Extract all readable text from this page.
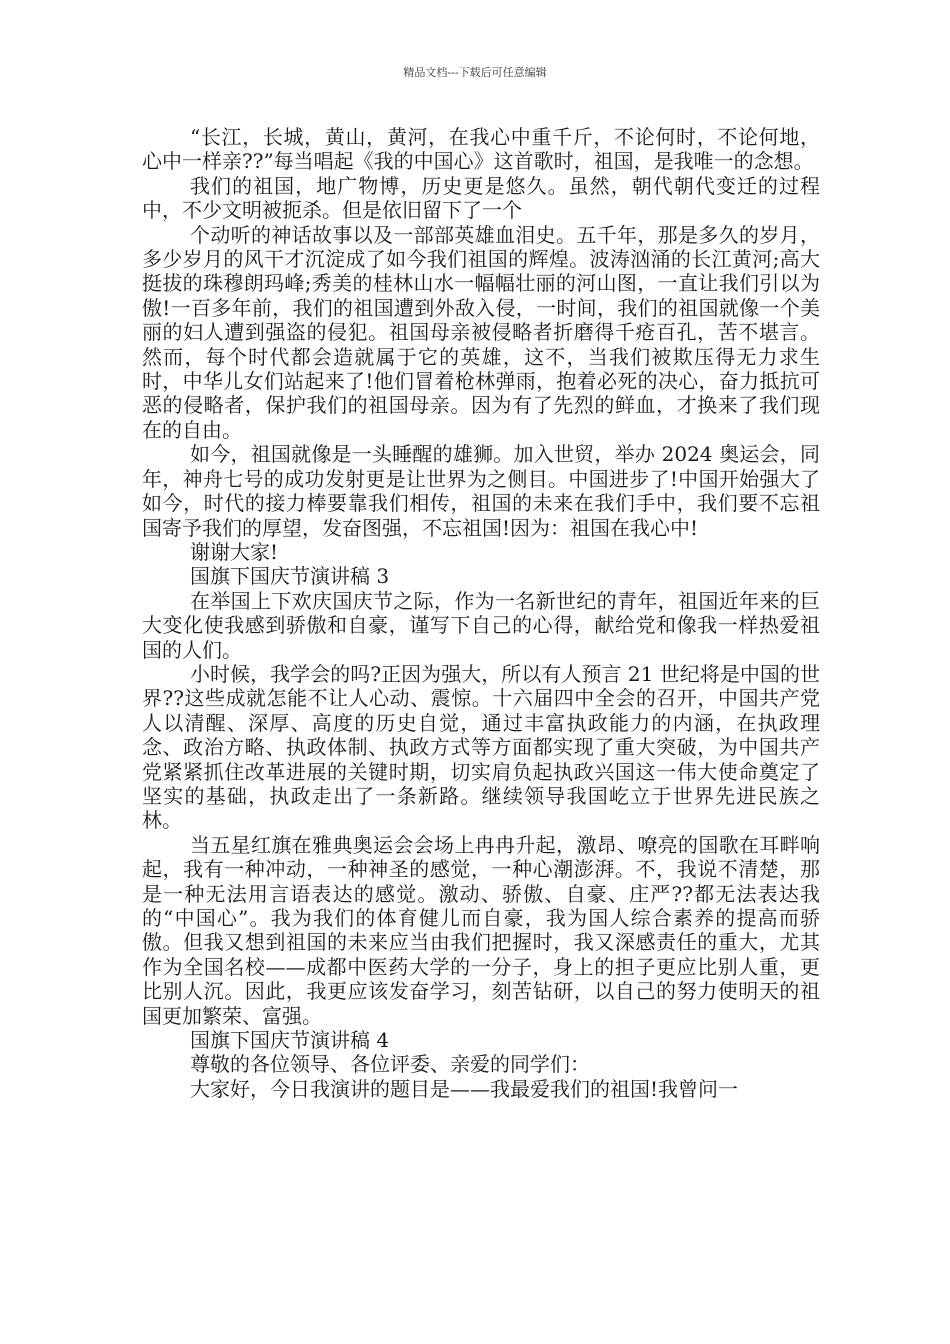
精品文档---下载后可任意编辑

“长江，长城，黄山，黄河，在我心中重千斤，不论何时，不论何地，心中一样亲??”每当唱起《我的中国心》这首歌时，祖国，是我唯一的念想。

我们的祖国，地广物博，历史更是悠久。虽然，朝代朝代变迁的过程中，不少文明被扼杀。但是依旧留下了一个

个动听的神话故事以及一部部英雄血泪史。五千年，那是多久的岁月，多少岁月的风干才沉淀成了如今我们祖国的辉煌。波涛汹涌的长江黄河;高大挺拔的珠穆朗玛峰;秀美的桂林山水一幅幅壮丽的河山图，一直让我们引以为傲!一百多年前，我们的祖国遭到外敌入侵，一时间，我们的祖国就像一个美丽的妇人遭到强盗的侵犯。祖国母亲被侵略者折磨得千疮百孔，苦不堪言。然而，每个时代都会造就属于它的英雄，这不，当我们被欺压得无力求生时，中华儿女们站起来了!他们冒着枪林弹雨，抱着必死的决心，奋力抵抗可恶的侵略者，保护我们的祖国母亲。因为有了先烈的鲜血，才换来了我们现在的自由。

如今，祖国就像是一头睡醒的雄狮。加入世贸，举办 2024 奥运会，同年，神舟七号的成功发射更是让世界为之侧目。中国进步了!中国开始强大了如今，时代的接力棒要靠我们相传，祖国的未来在我们手中，我们要不忘祖国寄予我们的厚望，发奋图强，不忘祖国!因为：祖国在我心中!

谢谢大家!

国旗下国庆节演讲稿 3

在举国上下欢庆国庆节之际，作为一名新世纪的青年，祖国近年来的巨大变化使我感到骄傲和自豪，谨写下自己的心得，献给党和像我一样热爱祖国的人们。

小时候，我学会的吗?正因为强大，所以有人预言 21 世纪将是中国的世界??这些成就怎能不让人心动、震惊。十六届四中全会的召开，中国共产党人以清醒、深厚、高度的历史自觉，通过丰富执政能力的内涵，在执政理念、政治方略、执政体制、执政方式等方面都实现了重大突破，为中国共产党紧紧抓住改革进展的关键时期，切实肩负起执政兴国这一伟大使命奠定了坚实的基础，执政走出了一条新路。继续领导我国屹立于世界先进民族之林。

当五星红旗在雅典奥运会会场上冉冉升起，激昂、嘹亮的国歌在耳畔响起，我有一种冲动，一种神圣的感觉，一种心潮澎湃。不，我说不清楚，那是一种无法用言语表达的感觉。激动、骄傲、自豪、庄严??都无法表达我的“中国心”。我为我们的体育健儿而自豪，我为国人综合素养的提高而骄傲。但我又想到祖国的未来应当由我们把握时，我又深感责任的重大，尤其作为全国名校——成都中医药大学的一分子，身上的担子更应比别人重，更比别人沉。因此，我更应该发奋学习，刻苦钻研，以自己的努力使明天的祖国更加繁荣、富强。

国旗下国庆节演讲稿 4

尊敬的各位领导、各位评委、亲爱的同学们：

大家好，今日我演讲的题目是——我最爱我们的祖国!我曾问一
